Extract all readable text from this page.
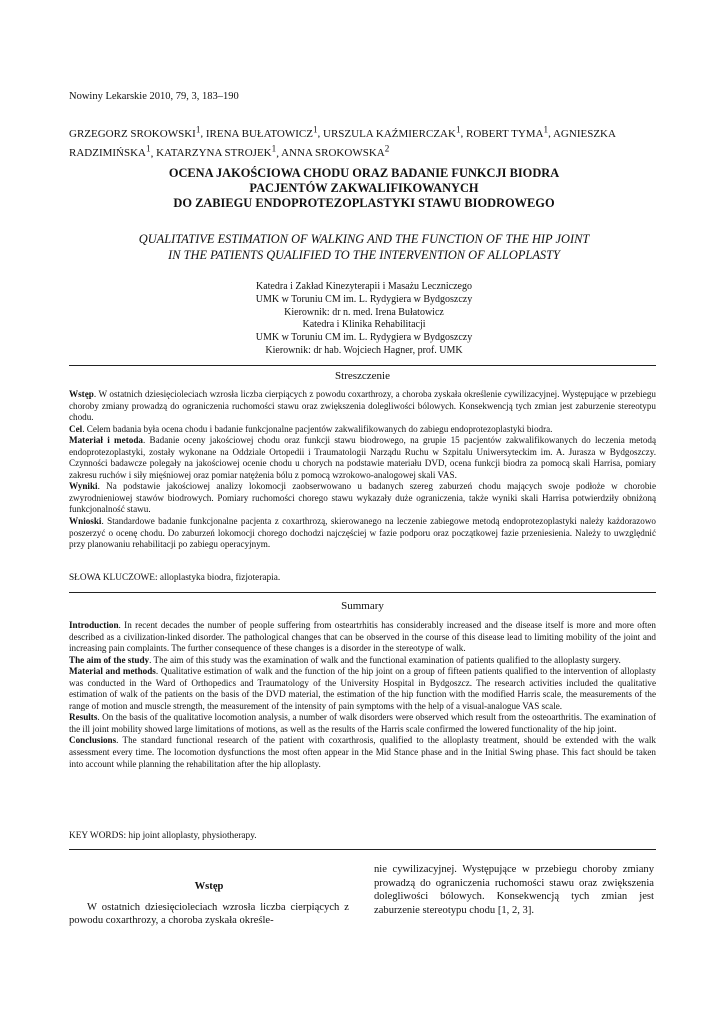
Nowiny Lekarskie 2010, 79, 3, 183–190
GRZEGORZ SROKOWSKI$^1$, IRENA BUŁATOWICZ$^1$, URSZULA KAŹMIERCZAK$^1$, ROBERT TYMA$^1$, AGNIESZKA RADZIMIŃSKA$^1$, KATARZYNA STROJEK$^1$, ANNA SROKOWSKA$^2$
OCENA JAKOŚCIOWA CHODU ORAZ BADANIE FUNKCJI BIODRA
PACJENTÓW ZAKWALIFIKOWANYCH
DO ZABIEGU ENDOPROTEZOPLASTYKI STAWU BIODROWEGO
QUALITATIVE ESTIMATION OF WALKING AND THE FUNCTION OF THE HIP JOINT
IN THE PATIENTS QUALIFIED TO THE INTERVENTION OF ALLOPLASTY
Katedra i Zakład Kinezyterapii i Masażu Leczniczego
UMK w Toruniu CM im. L. Rydygiera w Bydgoszczy
Kierownik: dr n. med. Irena Bułatowicz
Katedra i Klinika Rehabilitacji
UMK w Toruniu CM im. L. Rydygiera w Bydgoszczy
Kierownik: dr hab. Wojciech Hagner, prof. UMK
Streszczenie

Wstęp. W ostatnich dziesięcioleciach wzrosła liczba cierpiących z powodu coxarthrozy, a choroba zyskała określenie cywilizacyjnej. Występujące w przebiegu choroby zmiany prowadzą do ograniczenia ruchomości stawu oraz zwiększenia dolegliwości bólowych. Konsekwencją tych zmian jest zaburzenie stereotypu chodu.

Cel. Celem badania była ocena chodu i badanie funkcjonalne pacjentów zakwalifikowanych do zabiegu endoprotezoplastyki biodra.

Materiał i metoda. Badanie oceny jakościowej chodu oraz funkcji stawu biodrowego, na grupie 15 pacjentów zakwalifikowanych do leczenia metodą endoprotezoplastyki, zostały wykonane na Oddziale Ortopedii i Traumatologii Narządu Ruchu w Szpitalu Uniwersyteckim im. A. Jurasza w Bydgoszczy. Czynności badawcze polegały na jakościowej ocenie chodu u chorych na podstawie materiału DVD, ocena funkcji biodra za pomocą skali Harrisa, pomiary zakresu ruchów i siły mięśniowej oraz pomiar natężenia bólu z pomocą wzrokowo-analogowej skali VAS.

Wyniki. Na podstawie jakościowej analizy lokomocji zaobserwowano u badanych szereg zaburzeń chodu mających swoje podłoże w chorobie zwyrodnieniowej stawów biodrowych. Pomiary ruchomości chorego stawu wykazały duże ograniczenia, także wyniki skali Harrisa potwierdziły obniżoną funkcjonalność stawu.

Wnioski. Standardowe badanie funkcjonalne pacjenta z coxarthrozą, skierowanego na leczenie zabiegowe metodą endoprotezoplastyki należy każdorazowo poszerzyć o ocenę chodu. Do zaburzeń lokomocji chorego dochodzi najczęściej w fazie podporu oraz początkowej fazie przeniesienia. Należy to uwzględnić przy planowaniu rehabilitacji po zabiegu operacyjnym.

SŁOWA KLUCZOWE: alloplastyka biodra, fizjoterapia.
Summary

Introduction. In recent decades the number of people suffering from osteartrhitis has considerably increased and the disease itself is more and more often described as a civilization-linked disorder. The pathological changes that can be observed in the course of this disease lead to limiting mobility of the joint and increasing pain complaints. The further consequence of these changes is a disorder in the stereotype of walk.

The aim of the study. The aim of this study was the examination of walk and the functional examination of patients qualified to the alloplasty surgery.

Material and methods. Qualitative estimation of walk and the function of the hip joint on a group of fifteen patients qualified to the intervention of alloplasty was conducted in the Ward of Orthopedics and Traumatology of the University Hospital in Bydgoszcz. The research activities included the qualitative estimation of walk of the patients on the basis of the DVD material, the estimation of the hip function with the modified Harris scale, the measurements of the range of motion and muscle strength, the measurement of the intensity of pain symptoms with the help of a visual-analogue VAS scale.

Results. On the basis of the qualitative locomotion analysis, a number of walk disorders were observed which result from the osteoarthritis. The examination of the ill joint mobility showed large limitations of motions, as well as the results of the Harris scale confirmed the lowered functionality of the hip joint.

Conclusions. The standard functional research of the patient with coxarthrosis, qualified to the alloplasty treatment, should be extended with the walk assessment every time. The locomotion dysfunctions the most often appear in the Mid Stance phase and in the Initial Swing phase. This fact should be taken into account while planning the rehabilitation after the hip alloplasty.

KEY WORDS: hip joint alloplasty, physiotherapy.
Wstęp

W ostatnich dziesięcioleciach wzrosła liczba cierpiących z powodu coxarthrozy, a choroba zyskała określe-

nie cywilizacyjnej. Występujące w przebiegu choroby zmiany prowadzą do ograniczenia ruchomości stawu oraz zwiększenia dolegliwości bólowych. Konsekwencją tych zmian jest zaburzenie stereotypu chodu [1, 2, 3].
